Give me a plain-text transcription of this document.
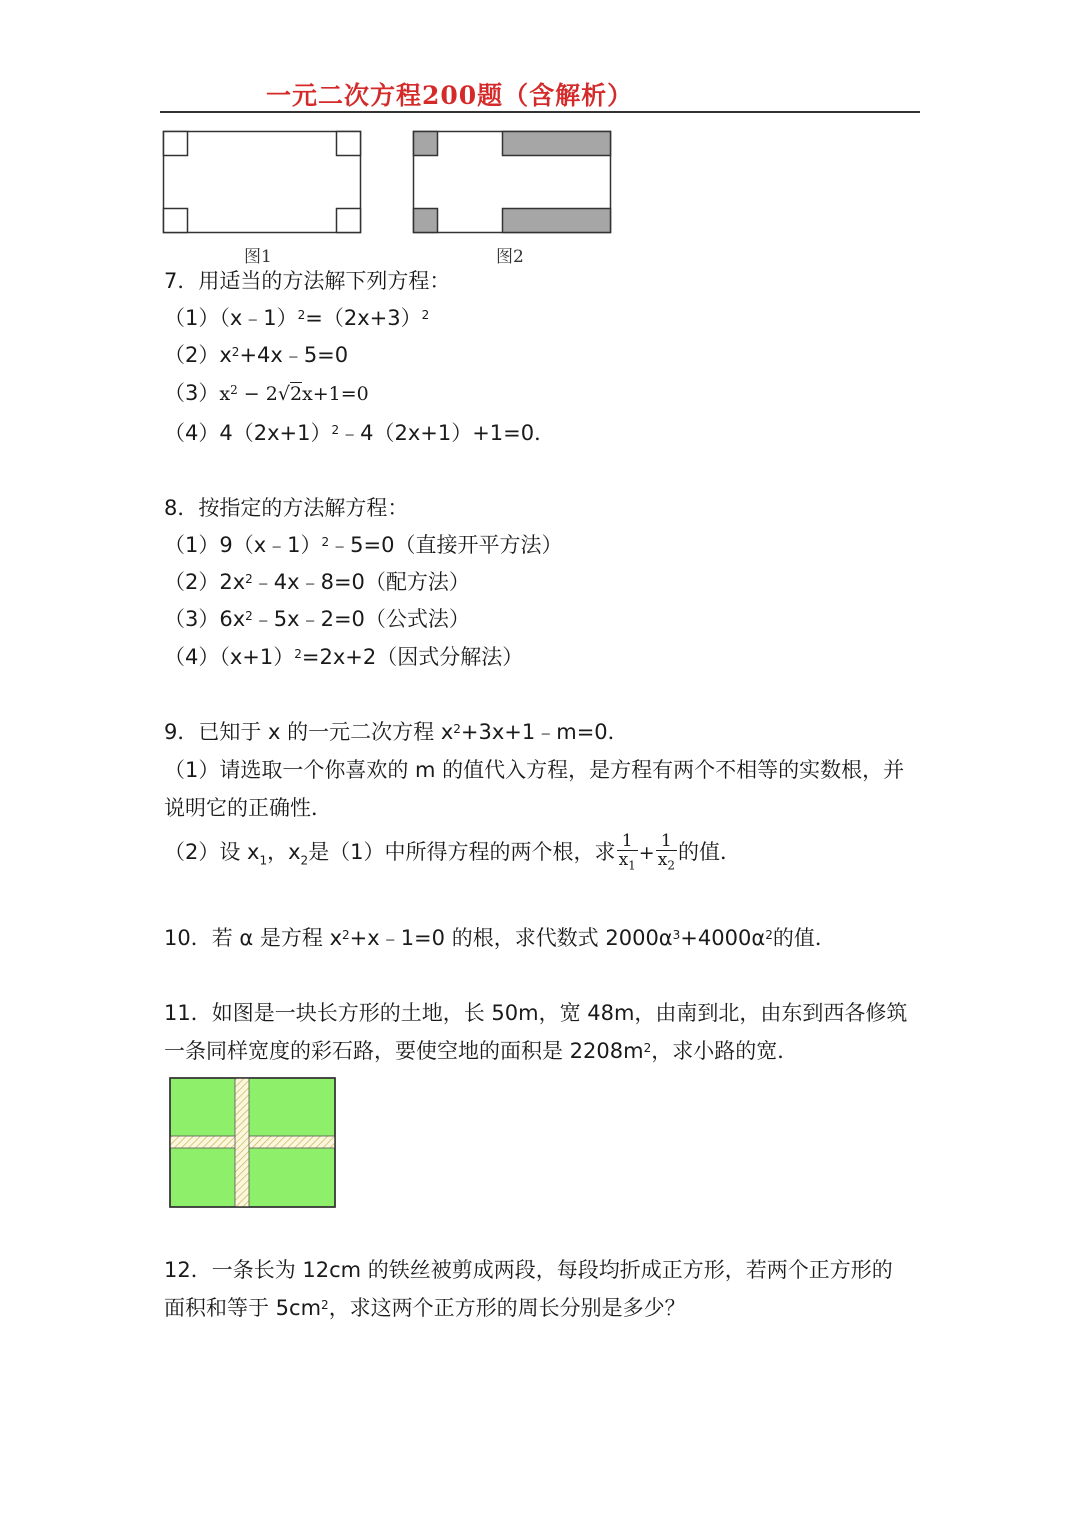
一元二次方程200题（含解析）
图1	图2
7．用适当的方法解下列方程：
$(1)(x﹣1)^2=(2x+3)^2$
$(2)x^2+4x﹣5=0$
$(3)x^2 - 2√2x+1=0$
$(4)4(2x+1)^2﹣4(2x+1)+1=0$．
8．按指定的方法解方程：
（1）9（x﹣1）$^2$﹣5=0（直接开平方法）
$(2)2x^2﹣4x﹣8=0$（配方法）
$(3)6x^2﹣5x﹣2=0$（公式法）
$(4)(x+1)^2=2x+2$（因式分解法）
9．已知于 x 的一元二次方程 $x^2+3x+1﹣m=0$．
（1）请选取一个你喜欢的 m 的值代入方程，是方程有两个不相等的实数根，并
说明它的正确性．
（2）设 $x_1$，$x_2$是（1）中所得方程的两个根，求 $\frac{1}{x_1} + \frac{1}{x_2}$ 的值．
10．若 α 是方程 $x^2+x﹣1=0$ 的根，求代数式 $2000\alpha^3+4000\alpha^2$的值．
11．如图是一块长方形的土地，长 50m，宽 48m，由南到北，由东到西各修筑
一条同样宽度的彩石路，要使空地的面积是 $2208m^2$，求小路的宽．
12．一条长为 12cm 的铁丝被剪成两段，每段均折成正方形，若两个正方形的
面积和等于 $5cm^2$，求这两个正方形的周长分别是多少？
